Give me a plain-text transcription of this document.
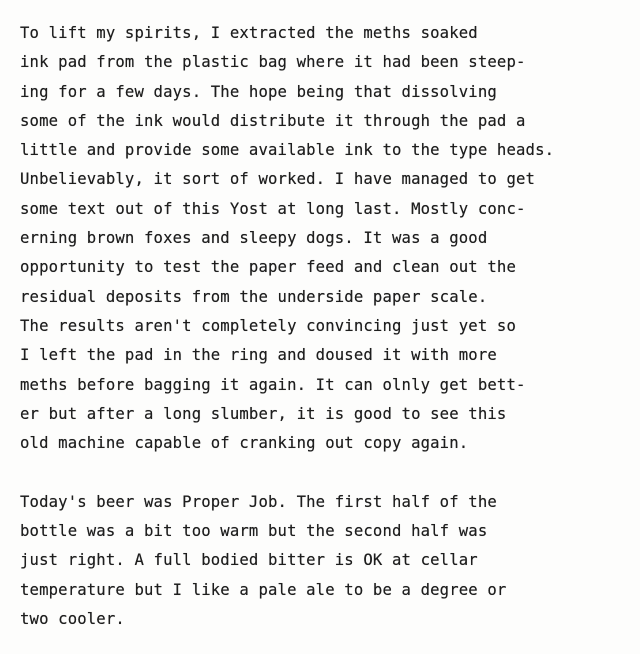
To lift my spirits, I extracted the meths soaked
ink pad from the plastic bag where it had been steep-
ing for a few days. The hope being that dissolving
some of the ink would distribute it through the pad a
little and provide some available ink to the type heads.
Unbelievably, it sort of worked. I have managed to get
some text out of this Yost at long last. Mostly conc-
erning brown foxes and sleepy dogs. It was a good
opportunity to test the paper feed and clean out the
residual deposits from the underside paper scale.
The results aren't completely convincing just yet so
I left the pad in the ring and doused it with more
meths before bagging it again. It can olnly get bett-
er but after a long slumber, it is good to see this
old machine capable of cranking out copy again.
Today's beer was Proper Job. The first half of the
bottle was a bit too warm but the second half was
just right. A full bodied bitter is OK at cellar
temperature but I like a pale ale to be a degree or
two cooler.
